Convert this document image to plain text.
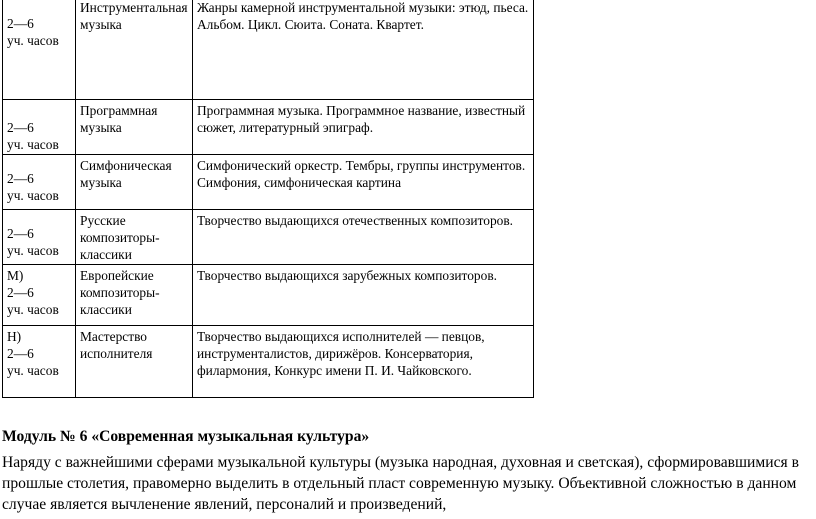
2—6
уч. часов	Инструментальная музыка	Жанры камерной инструментальной музыки: этюд, пьеса.
Альбом. Цикл. Сюита. Соната. Квартет.

2—6
уч. часов	Программная музыка	Программная музыка. Программное название, известный сюжет, литературный эпиграф.

2—6
уч. часов	Симфоническая музыка	Симфонический оркестр. Тембры, группы инструментов. Симфония, симфоническая картина

2—6
уч. часов	Русские композиторы-классики	Творчество выдающихся отечественных композиторов.

М)
2—6
уч. часов	Европейские композиторы-классики	Творчество выдающихся зарубежных композиторов.

Н)
2—6
уч. часов	Мастерство исполнителя	Творчество выдающихся исполнителей — певцов, инструменталистов, дирижёров. Консерватория, филармония, Конкурс имени П. И. Чайковского.
Модуль № 6 «Современная музыкальная культура»

Наряду с важнейшими сферами музыкальной культуры (музыка народная, духовная и светская), сформировавшимися в прошлые столетия, правомерно выделить в отдельный пласт современную музыку. Объективной сложностью в данном случае является вычленение явлений, персоналий и произведений,
